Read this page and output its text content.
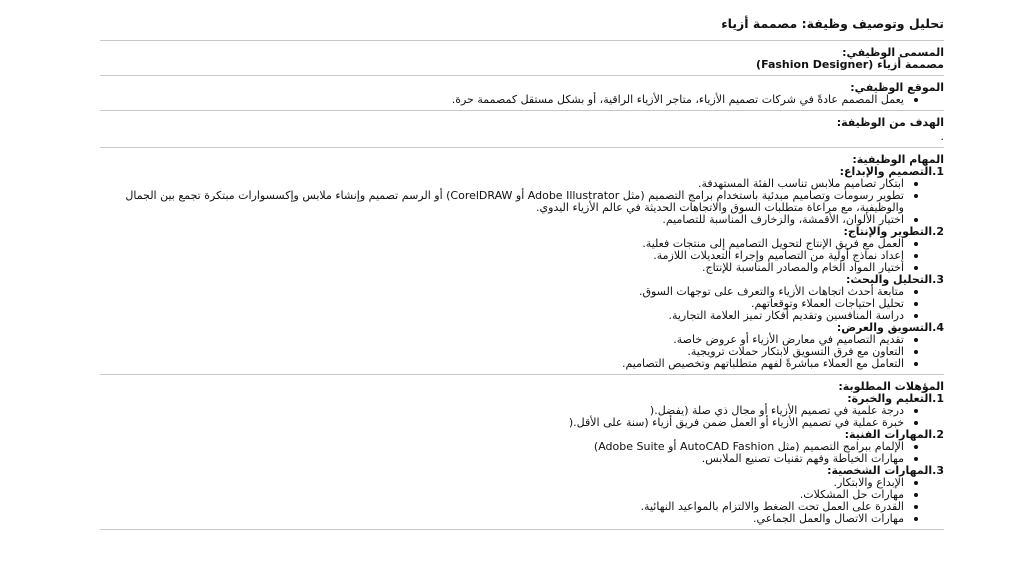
تحليل وتوصيف وظيفة: مصممة أزياء
المسمى الوظيفي:
مصممة أزياء (Fashion Designer)
الموقع الوظيفي:
يعمل المصمم عادةً في شركات تصميم الأزياء، متاجر الأزياء الراقية، أو بشكل مستقل كمصممة حرة.
الهدف من الوظيفة:
.
المهام الوظيفية:
1.التصميم والإبداع:
ابتكار تصاميم ملابس تناسب الفئة المستهدفة.
تطوير رسومات وتصاميم مبدئية باستخدام برامج التصميم (مثل Adobe Illustrator أو CorelDRAW) أو الرسم تصميم وإنشاء ملابس وإكسسوارات مبتكرة تجمع بين الجمال والوظيفية، مع مراعاة متطلبات السوق والاتجاهات الحديثة في عالم الأزياء اليدوي.
اختيار الألوان، الأقمشة، والزخارف المناسبة للتصاميم.
2.التطوير والإنتاج:
العمل مع فريق الإنتاج لتحويل التصاميم إلى منتجات فعلية.
إعداد نماذج أولية من التصاميم وإجراء التعديلات اللازمة.
اختيار المواد الخام والمصادر المناسبة للإنتاج.
3.التحليل والبحث:
متابعة أحدث اتجاهات الأزياء والتعرف على توجهات السوق.
تحليل احتياجات العملاء وتوقعاتهم.
دراسة المنافسين وتقديم أفكار تميز العلامة التجارية.
4.التسويق والعرض:
تقديم التصاميم في معارض الأزياء أو عروض خاصة.
التعاون مع فرق التسويق لابتكار حملات ترويجية.
التعامل مع العملاء مباشرةً لفهم متطلباتهم وتخصيص التصاميم.
المؤهلات المطلوبة:
1.التعليم والخبرة:
درجة علمية في تصميم الأزياء أو مجال ذي صلة (يفضل.(
خبرة عملية في تصميم الأزياء أو العمل ضمن فريق أزياء (سنة على الأقل.(
2.المهارات الفنية:
الإلمام ببرامج التصميم (مثل AutoCAD Fashion أو Adobe Suite)
مهارات الخياطة وفهم تقنيات تصنيع الملابس.
3.المهارات الشخصية:
الإبداع والابتكار.
مهارات حل المشكلات.
القدرة على العمل تحت الضغط والالتزام بالمواعيد النهائية.
مهارات الاتصال والعمل الجماعي.
